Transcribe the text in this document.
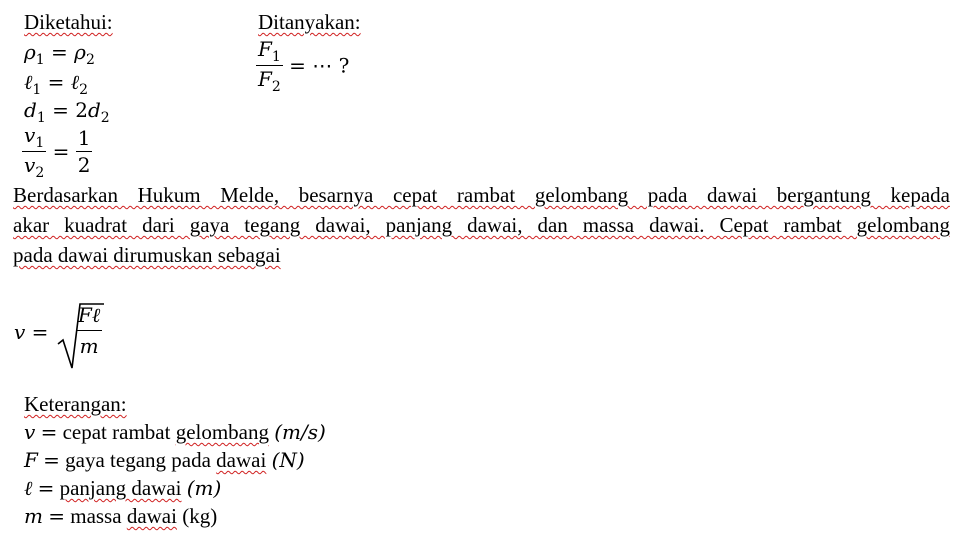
Diketahui:
$\rho_1 = \rho_2$
ℓ$_1$ = ℓ$_2$
$d_1 = 2d_2$
$\frac{v_1}{v_2} = \frac{1}{2}$
Ditanyakan:
$\frac{F_1}{F_2}$ = ⋯ ?
Berdasarkan Hukum Melde, besarnya cepat rambat gelombang pada dawai bergantung kepada
akar kuadrat dari gaya tegang dawai, panjang dawai, dan massa dawai. Cepat rambat gelombang
pada dawai dirumuskan sebagai
$v = \frac{\text{Fℓ}}{m}$
Keterangan:
v = cepat rambat gelombang (m/s)
F = gaya tegang pada dawai (N)
ℓ = panjang dawai (m)
m = massa dawai (kg)
